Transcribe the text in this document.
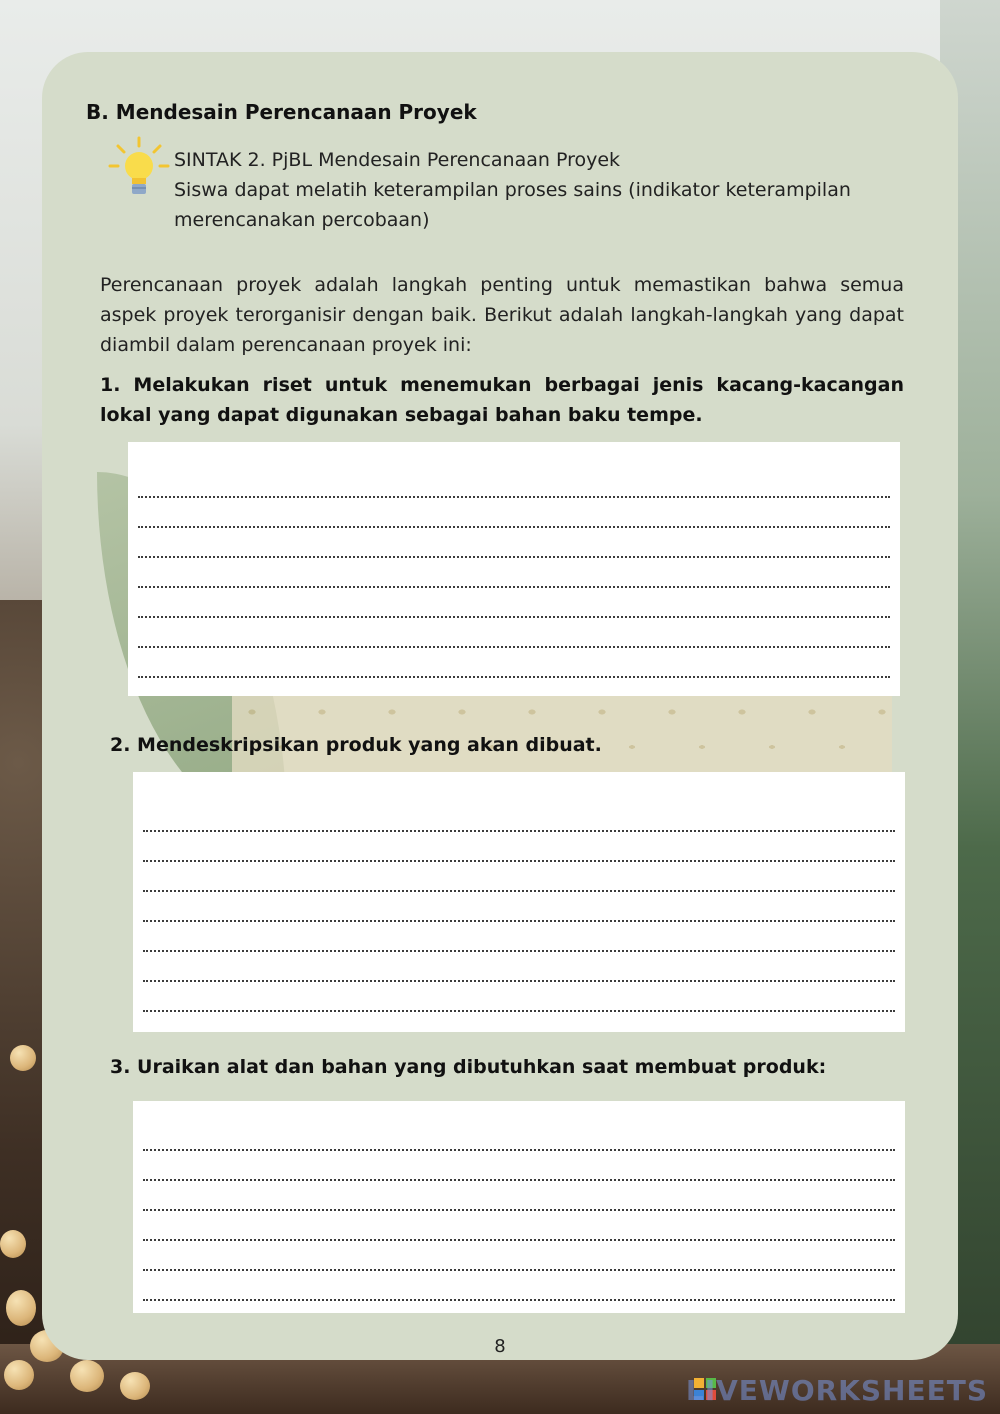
B. Mendesain Perencanaan Proyek
SINTAK 2. PjBL Mendesain Perencanaan Proyek
Siswa dapat melatih keterampilan proses sains (indikator keterampilan merencanakan percobaan)
Perencanaan proyek adalah langkah penting untuk memastikan bahwa semua aspek proyek terorganisir dengan baik. Berikut adalah langkah-langkah yang dapat diambil dalam perencanaan proyek ini:
1. Melakukan riset untuk menemukan berbagai jenis kacang-kacangan lokal yang dapat digunakan sebagai bahan baku tempe.
2. Mendeskripsikan produk yang akan dibuat.
3. Uraikan alat dan bahan yang dibutuhkan saat membuat produk:
8
LIVEWORKSHEETS
